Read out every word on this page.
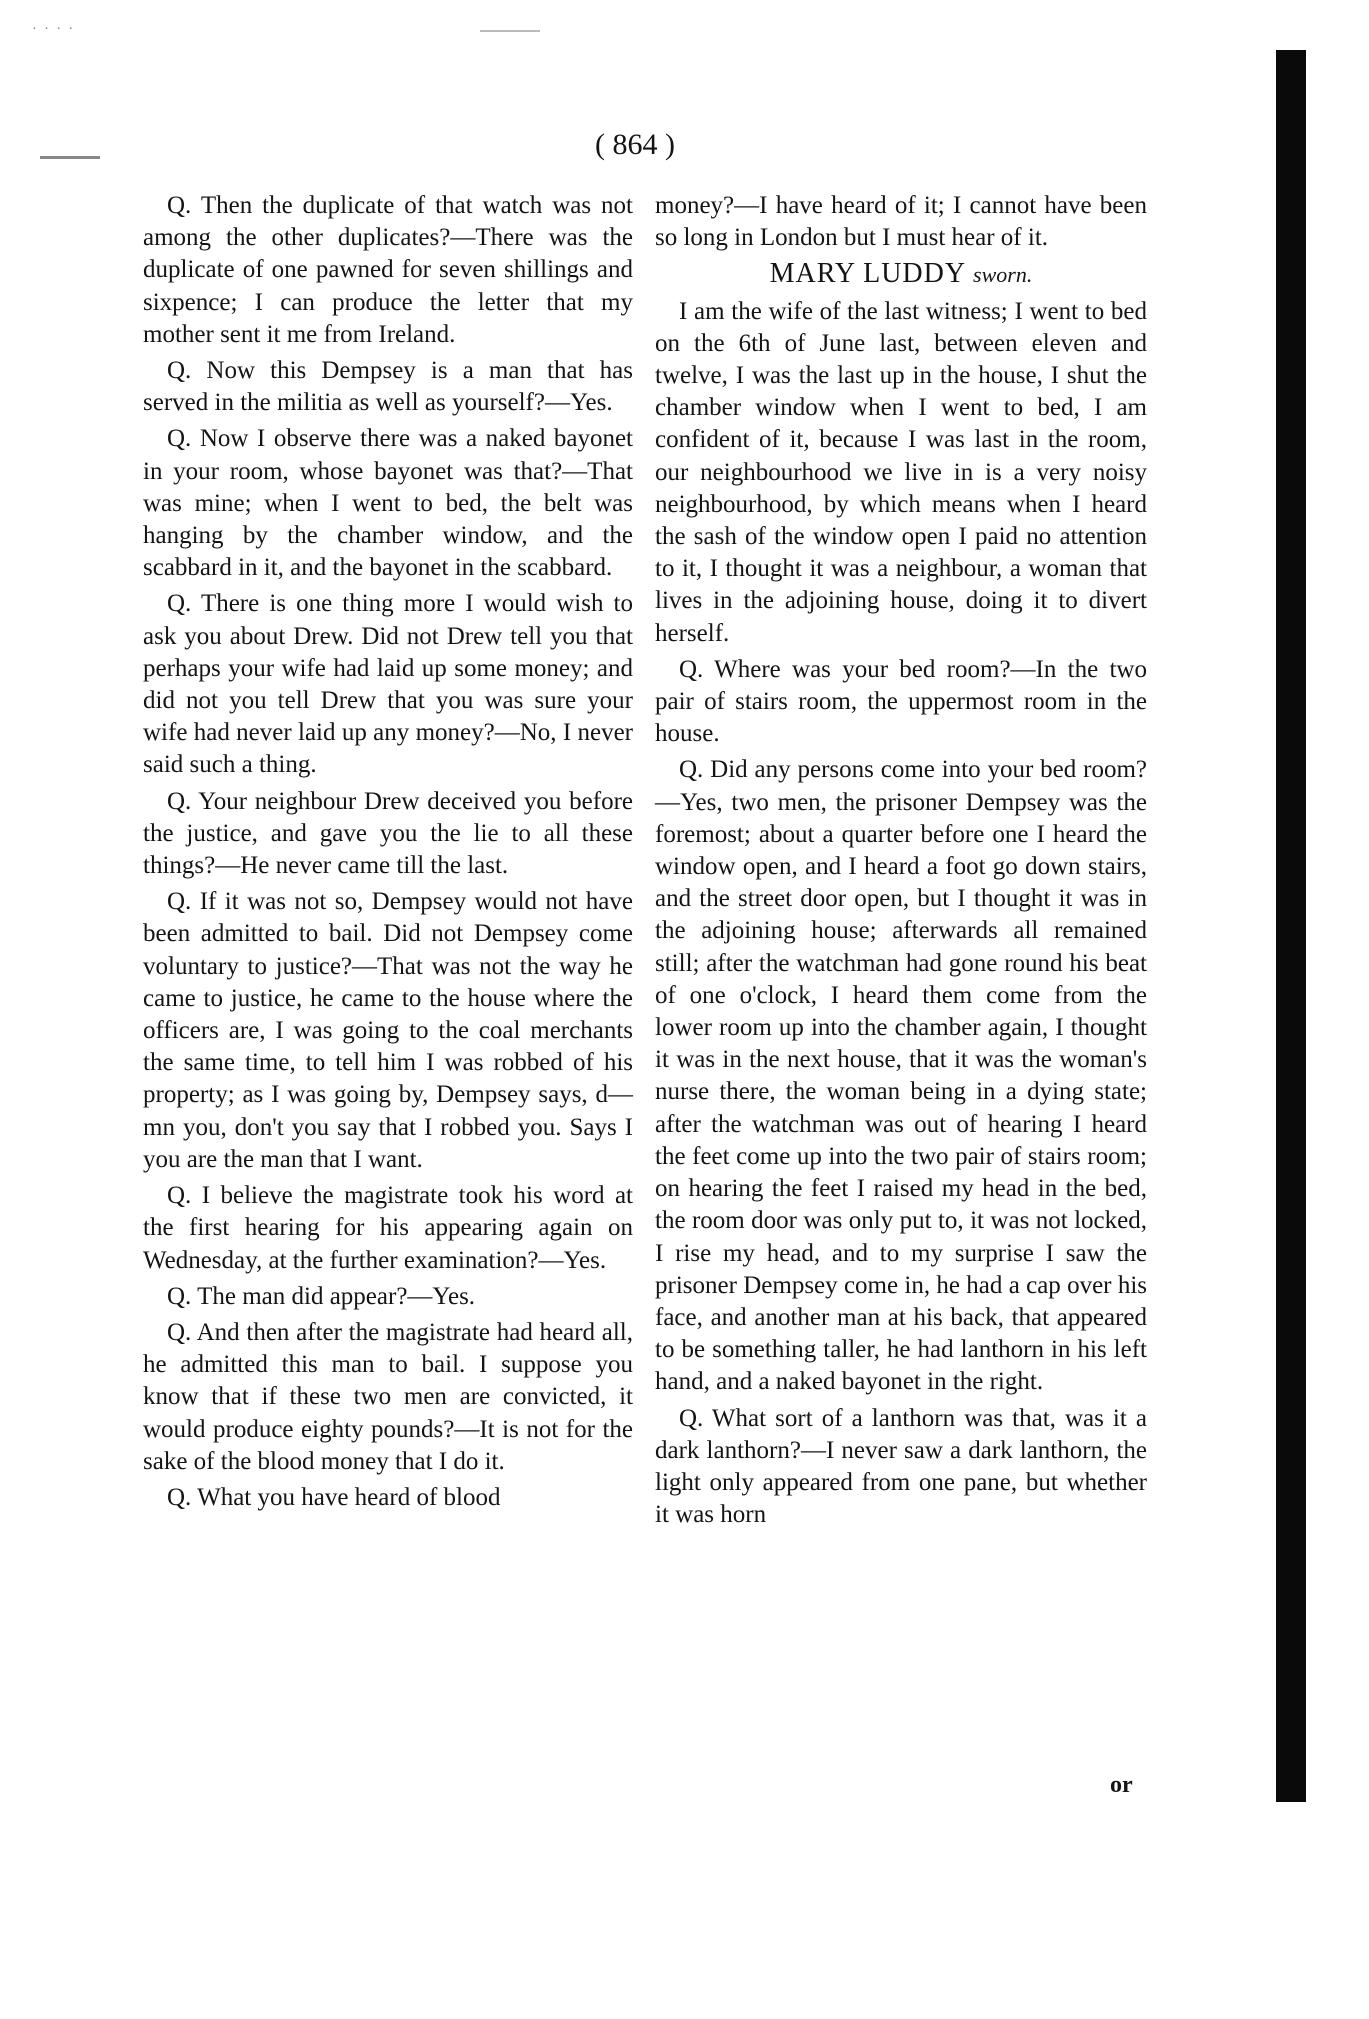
· · · ·
( 864 )

Q. Then the duplicate of that watch was not among the other duplicates?—There was the duplicate of one pawned for seven shillings and sixpence; I can produce the letter that my mother sent it me from Ireland.

Q. Now this Dempsey is a man that has served in the militia as well as yourself?—Yes.

Q. Now I observe there was a naked bayonet in your room, whose bayonet was that?—That was mine; when I went to bed, the belt was hanging by the chamber window, and the scabbard in it, and the bayonet in the scabbard.

Q. There is one thing more I would wish to ask you about Drew. Did not Drew tell you that perhaps your wife had laid up some money; and did not you tell Drew that you was sure your wife had never laid up any money?—No, I never said such a thing.

Q. Your neighbour Drew deceived you before the justice, and gave you the lie to all these things?—He never came till the last.

Q. If it was not so, Dempsey would not have been admitted to bail. Did not Dempsey come voluntary to justice?—That was not the way he came to justice, he came to the house where the officers are, I was going to the coal merchants the same time, to tell him I was robbed of his property; as I was going by, Dempsey says, d—mn you, don't you say that I robbed you. Says I you are the man that I want.

Q. I believe the magistrate took his word at the first hearing for his appearing again on Wednesday, at the further examination?—Yes.

Q. The man did appear?—Yes.

Q. And then after the magistrate had heard all, he admitted this man to bail. I suppose you know that if these two men are convicted, it would produce eighty pounds?—It is not for the sake of the blood money that I do it.

Q. What you have heard of blood

money?—I have heard of it; I cannot have been so long in London but I must hear of it.

MARY LUDDY sworn.

I am the wife of the last witness; I went to bed on the 6th of June last, between eleven and twelve, I was the last up in the house, I shut the chamber window when I went to bed, I am confident of it, because I was last in the room, our neighbourhood we live in is a very noisy neighbourhood, by which means when I heard the sash of the window open I paid no attention to it, I thought it was a neighbour, a woman that lives in the adjoining house, doing it to divert herself.

Q. Where was your bed room?—In the two pair of stairs room, the uppermost room in the house.

Q. Did any persons come into your bed room?—Yes, two men, the prisoner Dempsey was the foremost; about a quarter before one I heard the window open, and I heard a foot go down stairs, and the street door open, but I thought it was in the adjoining house; afterwards all remained still; after the watchman had gone round his beat of one o'clock, I heard them come from the lower room up into the chamber again, I thought it was in the next house, that it was the woman's nurse there, the woman being in a dying state; after the watchman was out of hearing I heard the feet come up into the two pair of stairs room; on hearing the feet I raised my head in the bed, the room door was only put to, it was not locked, I rise my head, and to my surprise I saw the prisoner Dempsey come in, he had a cap over his face, and another man at his back, that appeared to be something taller, he had lanthorn in his left hand, and a naked bayonet in the right.

Q. What sort of a lanthorn was that, was it a dark lanthorn?—I never saw a dark lanthorn, the light only appeared from one pane, but whether it was horn

or
